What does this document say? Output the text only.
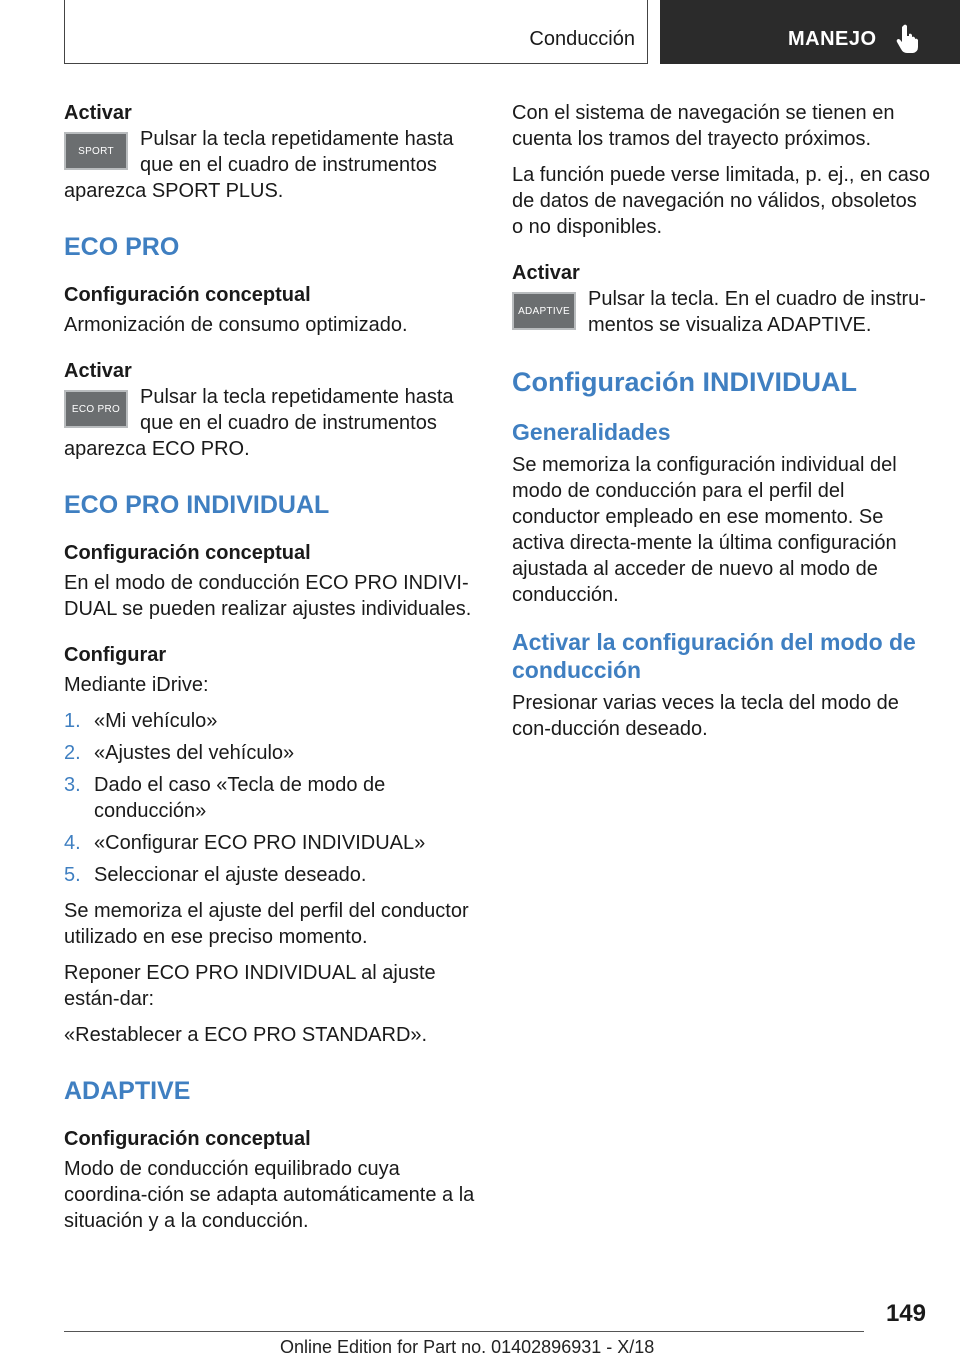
Conducción	MANEJO

Activar

SPORT

Pulsar la tecla repetidamente hasta que en el cuadro de instrumentos aparezca SPORT PLUS.

ECO PRO

Configuración conceptual

Armonización de consumo optimizado.

Activar

ECO PRO

Pulsar la tecla repetidamente hasta que en el cuadro de instrumentos aparezca ECO PRO.

ECO PRO INDIVIDUAL

Configuración conceptual

En el modo de conducción ECO PRO INDIVI-DUAL se pueden realizar ajustes individuales.

Configurar

Mediante iDrive:

1. «Mi vehículo»
2. «Ajustes del vehículo»
3. Dado el caso «Tecla de modo de conducción»
4. «Configurar ECO PRO INDIVIDUAL»
5. Seleccionar el ajuste deseado.

Se memoriza el ajuste del perfil del conductor utilizado en ese preciso momento.

Reponer ECO PRO INDIVIDUAL al ajuste están-dar:

«Restablecer a ECO PRO STANDARD».

ADAPTIVE

Configuración conceptual

Modo de conducción equilibrado cuya coordina-ción se adapta automáticamente a la situación y a la conducción.

Con el sistema de navegación se tienen en cuenta los tramos del trayecto próximos.

La función puede verse limitada, p. ej., en caso de datos de navegación no válidos, obsoletos o no disponibles.

Activar

ADAPTIVE

Pulsar la tecla. En el cuadro de instru-mentos se visualiza ADAPTIVE.

Configuración INDIVIDUAL
Generalidades

Se memoriza la configuración individual del modo de conducción para el perfil del conductor empleado en ese momento. Se activa directa-mente la última configuración ajustada al acceder de nuevo al modo de conducción.

Activar la configuración del modo de conducción

Presionar varias veces la tecla del modo de con-ducción deseado.

149
Online Edition for Part no. 01402896931 - X/18
